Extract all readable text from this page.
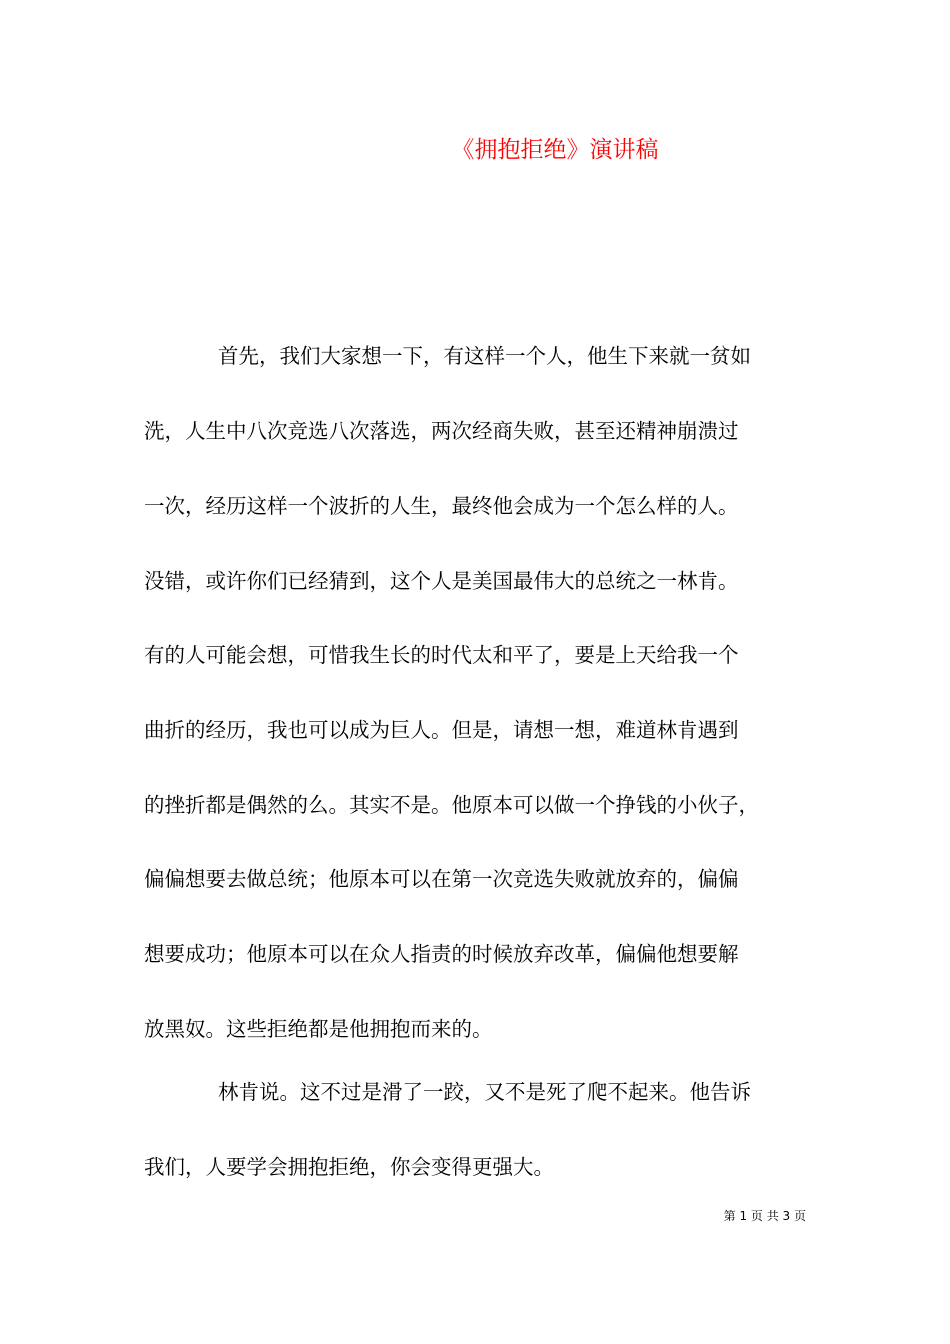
《拥抱拒绝》演讲稿
首先，我们大家想一下，有这样一个人，他生下来就一贫如
洗，人生中八次竞选八次落选，两次经商失败，甚至还精神崩溃过
一次，经历这样一个波折的人生，最终他会成为一个怎么样的人。
没错，或许你们已经猜到，这个人是美国最伟大的总统之一林肯。
有的人可能会想，可惜我生长的时代太和平了，要是上天给我一个
曲折的经历，我也可以成为巨人。但是，请想一想，难道林肯遇到
的挫折都是偶然的么。其实不是。他原本可以做一个挣钱的小伙子，
偏偏想要去做总统；他原本可以在第一次竞选失败就放弃的，偏偏
想要成功；他原本可以在众人指责的时候放弃改革，偏偏他想要解
放黑奴。这些拒绝都是他拥抱而来的。
林肯说。这不过是滑了一跤，又不是死了爬不起来。他告诉
我们，人要学会拥抱拒绝，你会变得更强大。
第 1 页 共 3 页
